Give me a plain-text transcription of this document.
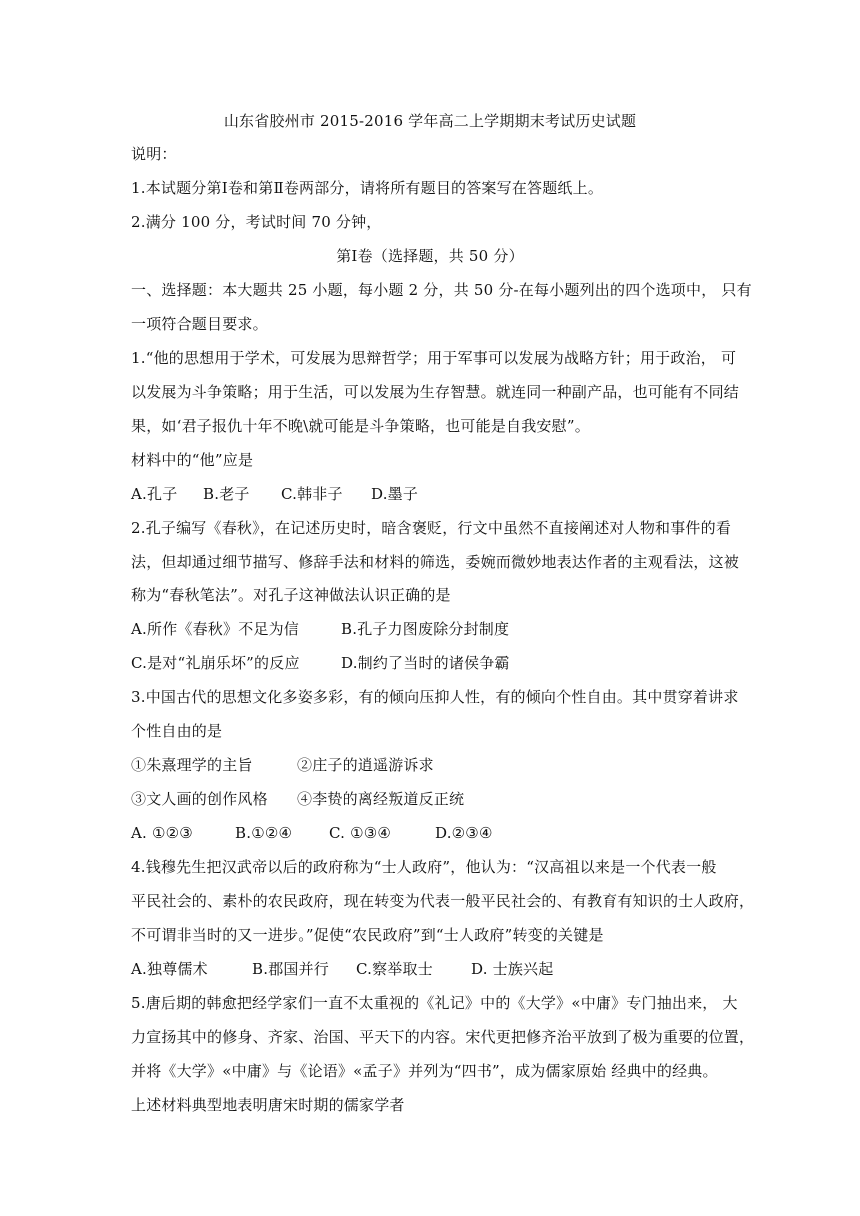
山东省胶州市 2015-2016 学年高二上学期期末考试历史试题
说明：
1.本试题分第Ⅰ卷和第Ⅱ卷两部分，请将所有题目的答案写在答题纸上。
2.满分 100 分，考试时间 70 分钟，
第Ⅰ卷（选择题，共 50 分）
一、选择题：本大题共 25 小题，每小题 2 分，共 50 分-在每小题列出的四个选项中， 只有
一项符合题目要求。
1.“他的思想用于学术，可发展为思辩哲学；用于军事可以发展为战略方针；用于政治， 可
以发展为斗争策略；用于生活，可以发展为生存智慧。就连同一种副产品，也可能有不同结
果，如‘君子报仇十年不晚\就可能是斗争策略，也可能是自我安慰”。
材料中的“他”应是
A.孔子 B.老子 C.韩非子 D.墨子
2.孔子编写《春秋》，在记述历史时，暗含褒贬，行文中虽然不直接阐述对人物和事件的看
法，但却通过细节描写、修辞手法和材料的筛选，委婉而微妙地表达作者的主观看法，这被
称为“春秋笔法”。对孔子这神做法认识正确的是
A.所作《春秋》不足为信	B.孔子力图废除分封制度
C.是对“礼崩乐坏”的反应	D.制约了当时的诸侯争霸
3.中国古代的思想文化多姿多彩，有的倾向压抑人性，有的倾向个性自由。其中贯穿着讲求
个性自由的是
①朱熹理学的主旨	②庄子的逍遥游诉求
③文人画的创作风格 ④李贽的离经叛道反正统
A. ①②③	B.①②④ C. ①③④	D.②③④
4.钱穆先生把汉武帝以后的政府称为“士人政府”，他认为：“汉高祖以来是一个代表一般
平民社会的、素朴的农民政府，现在转变为代表一般平民社会的、有教育有知识的士人政府，
不可谓非当时的又一进步。”促使“农民政府”到“士人政府”转变的关键是
A.独尊儒术	B.郡国并行 C.察举取士	D. 士族兴起
5.唐后期的韩愈把经学家们一直不太重视的《礼记》中的《大学》«中庸》专门抽出来， 大
力宣扬其中的修身、齐家、治国、平天下的内容。宋代更把修齐治平放到了极为重要的位置，
并将《大学》«中庸》与《论语》«孟子》并列为“四书”，成为儒家原始 经典中的经典。
上述材料典型地表明唐宋时期的儒家学者
